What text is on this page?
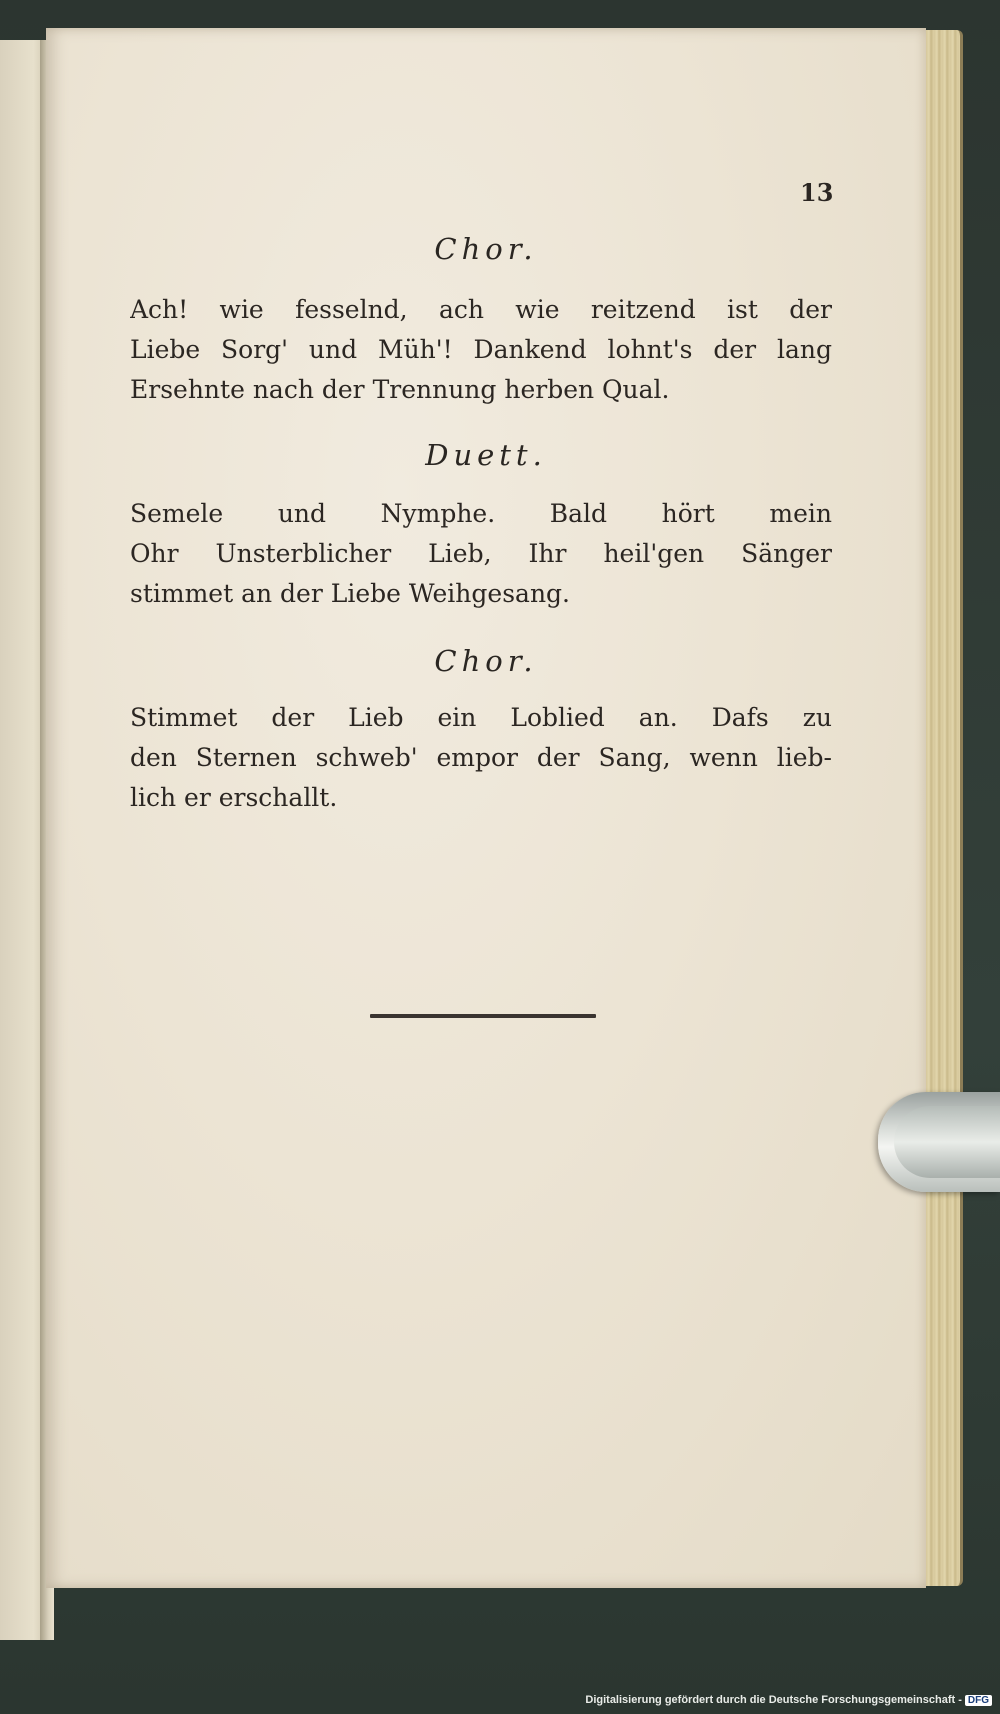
13
Chor.
Ach! wie fesselnd, ach wie reitzend ist der
Liebe Sorg' und Müh'! Dankend lohnt's der lang
Ersehnte nach der Trennung herben Qual.
Duett.
Semele und Nymphe. Bald hört mein
Ohr Unsterblicher Lieb, Ihr heil'gen Sänger
stimmet an der Liebe Weihgesang.
Chor.
Stimmet der Lieb ein Loblied an. Dafs zu
den Sternen schweb' empor der Sang, wenn lieb-
lich er erschallt.
Digitalisierung gefördert durch die Deutsche Forschungsgemeinschaft - DFG
